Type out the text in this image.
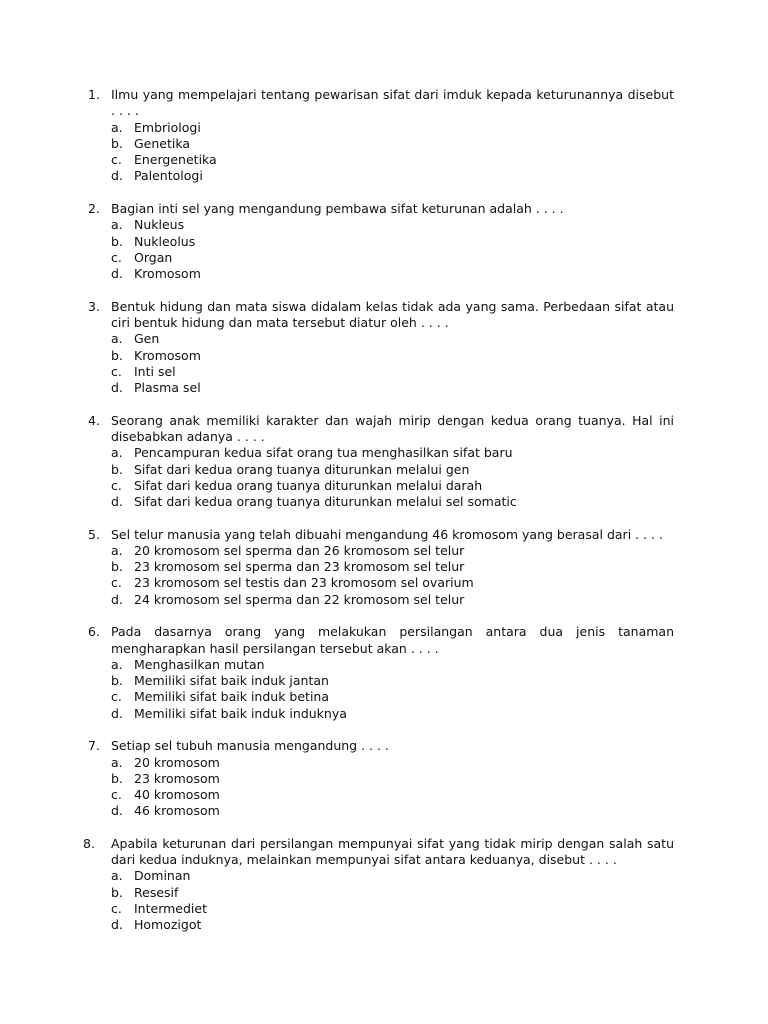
1. Ilmu yang mempelajari tentang pewarisan sifat dari imduk kepada keturunannya disebut . . . .
a. Embriologi
b. Genetika
c. Energenetika
d. Palentologi
2. Bagian inti sel yang mengandung pembawa sifat keturunan adalah . . . .
a. Nukleus
b. Nukleolus
c. Organ
d. Kromosom
3. Bentuk hidung dan mata siswa didalam kelas tidak ada yang sama. Perbedaan sifat atau ciri bentuk hidung dan mata tersebut diatur oleh . . . .
a. Gen
b. Kromosom
c. Inti sel
d. Plasma sel
4. Seorang anak memiliki karakter dan wajah mirip dengan kedua orang tuanya. Hal ini disebabkan adanya . . . .
a. Pencampuran kedua sifat orang tua menghasilkan sifat baru
b. Sifat dari kedua orang tuanya diturunkan melalui gen
c. Sifat dari kedua orang tuanya diturunkan melalui darah
d. Sifat dari kedua orang tuanya diturunkan melalui sel somatic
5. Sel telur manusia yang telah dibuahi mengandung 46 kromosom yang berasal dari . . . .
a. 20 kromosom sel sperma dan 26 kromosom sel telur
b. 23 kromosom sel sperma dan 23 kromosom sel telur
c. 23 kromosom sel testis dan 23 kromosom sel ovarium
d. 24 kromosom sel sperma dan 22 kromosom sel telur
6. Pada dasarnya orang yang melakukan persilangan antara dua jenis tanaman mengharapkan hasil persilangan tersebut akan . . . .
a. Menghasilkan mutan
b. Memiliki sifat baik induk jantan
c. Memiliki sifat baik induk betina
d. Memiliki sifat baik induk induknya
7. Setiap sel tubuh manusia mengandung . . . .
a. 20 kromosom
b. 23 kromosom
c. 40 kromosom
d. 46 kromosom
8. Apabila keturunan dari persilangan mempunyai sifat yang tidak mirip dengan salah satu dari kedua induknya, melainkan mempunyai sifat antara keduanya, disebut . . . .
a. Dominan
b. Resesif
c. Intermediet
d. Homozigot
